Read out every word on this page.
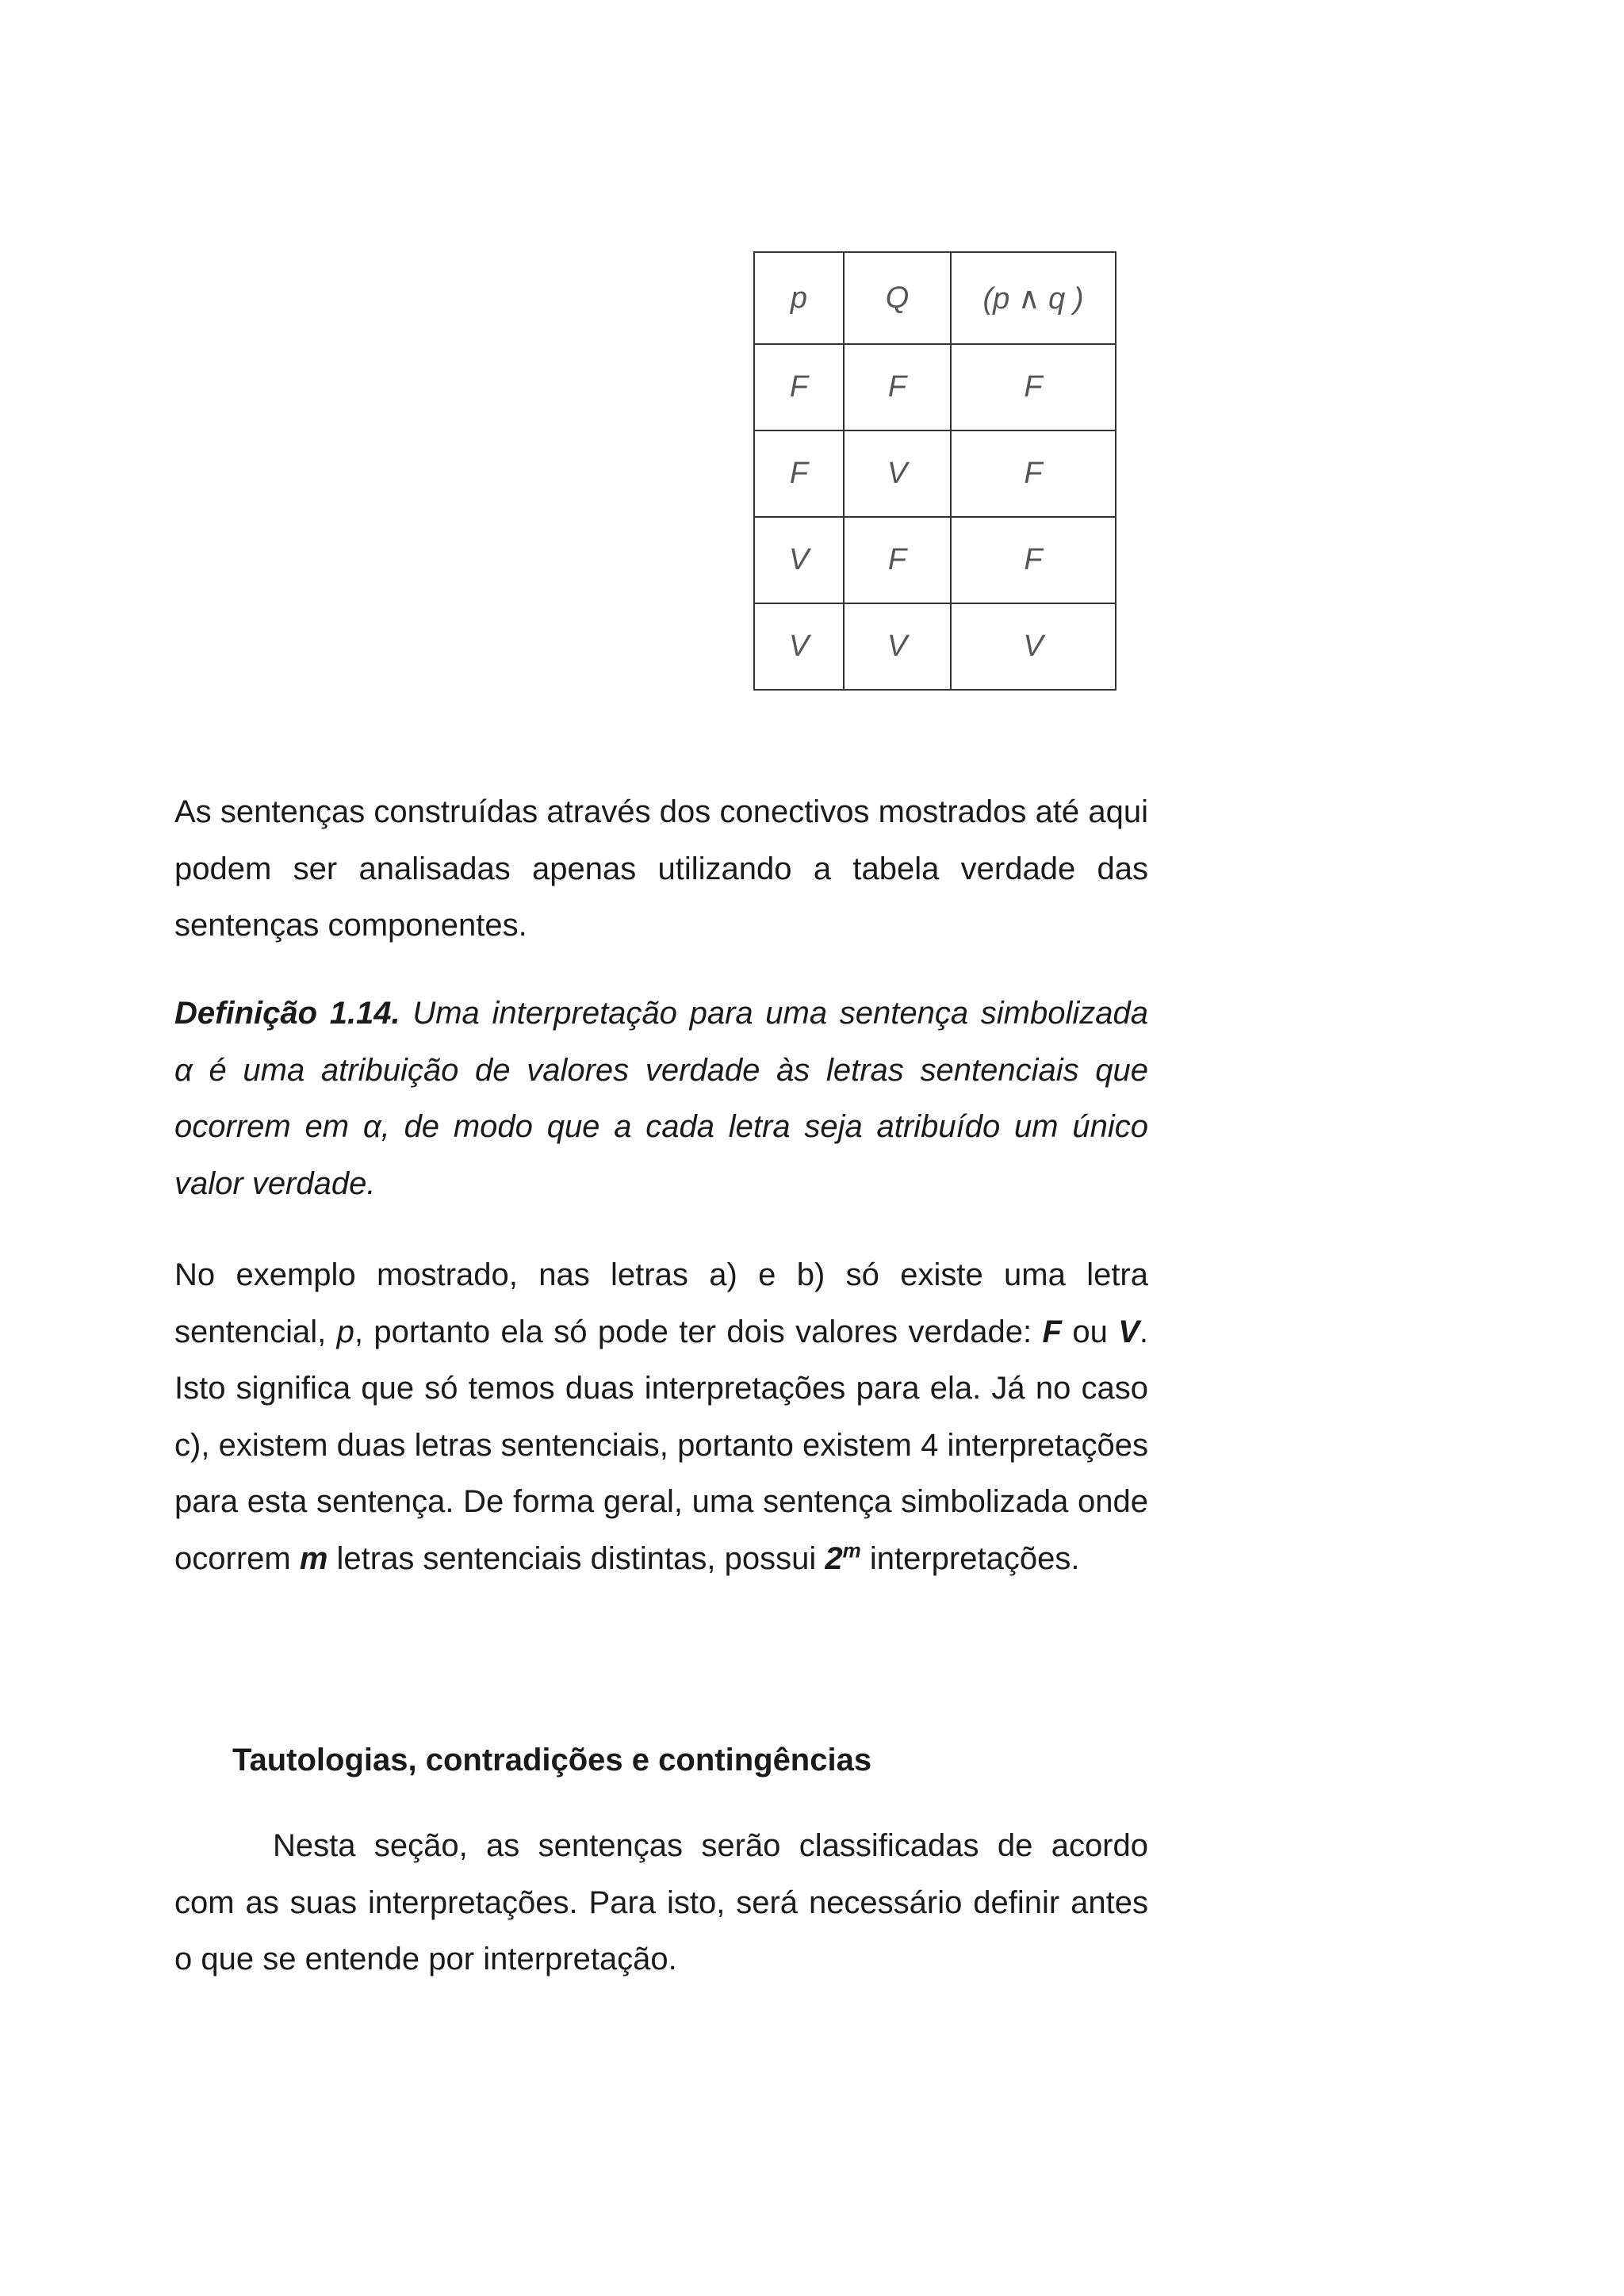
p	Q	(p ∧ q )
F	F	F
F	V	F
V	F	F
V	V	V

As sentenças construídas através dos conectivos mostrados até aqui podem ser analisadas apenas utilizando a tabela verdade das sentenças componentes.

Definição 1.14. Uma interpretação para uma sentença simbolizada α é uma atribuição de valores verdade às letras sentenciais que ocorrem em α, de modo que a cada letra seja atribuído um único valor verdade.

No exemplo mostrado, nas letras a) e b) só existe uma letra sentencial, p, portanto ela só pode ter dois valores verdade: F ou V. Isto significa que só temos duas interpretações para ela. Já no caso c), existem duas letras sentenciais, portanto existem 4 interpretações para esta sentença. De forma geral, uma sentença simbolizada onde ocorrem m letras sentenciais distintas, possui 2$^m$ interpretações.

Tautologias, contradições e contingências

Nesta seção, as sentenças serão classificadas de acordo com as suas interpretações. Para isto, será necessário definir antes o que se entende por interpretação.
